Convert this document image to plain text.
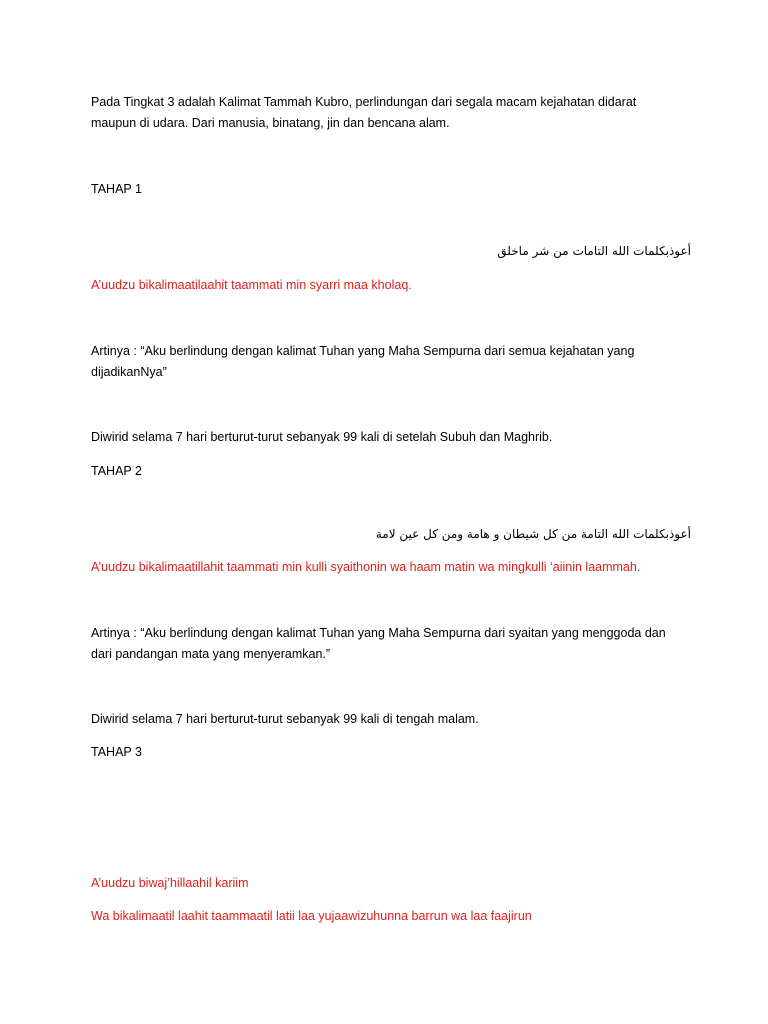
Pada Tingkat 3 adalah Kalimat Tammah Kubro, perlindungan dari segala macam kejahatan didarat
maupun di udara. Dari manusia, binatang, jin dan bencana alam.
TAHAP 1
أعوذبكلمات الله التامات من شر ماخلق
A’uudzu bikalimaatilaahit taammati min syarri maa kholaq.
Artinya : “Aku berlindung dengan kalimat Tuhan yang Maha Sempurna dari semua kejahatan yang
dijadikanNya”
Diwirid selama 7 hari berturut-turut sebanyak 99 kali di setelah Subuh dan Maghrib.
TAHAP 2
أعوذبكلمات الله التامة من كل شيطان و هامة ومن كل عين لامة
A’uudzu bikalimaatillahit taammati min kulli syaithonin wa haam matin wa mingkulli ‘aiinin laammah.
Artinya : “Aku berlindung dengan kalimat Tuhan yang Maha Sempurna dari syaitan yang menggoda dan
dari pandangan mata yang menyeramkan.”
Diwirid selama 7 hari berturut-turut sebanyak 99 kali di tengah malam.
TAHAP 3
A’uudzu biwaj’hillaahil kariim
Wa bikalimaatil laahit taammaatil latii laa yujaawizuhunna barrun wa laa faajirun
